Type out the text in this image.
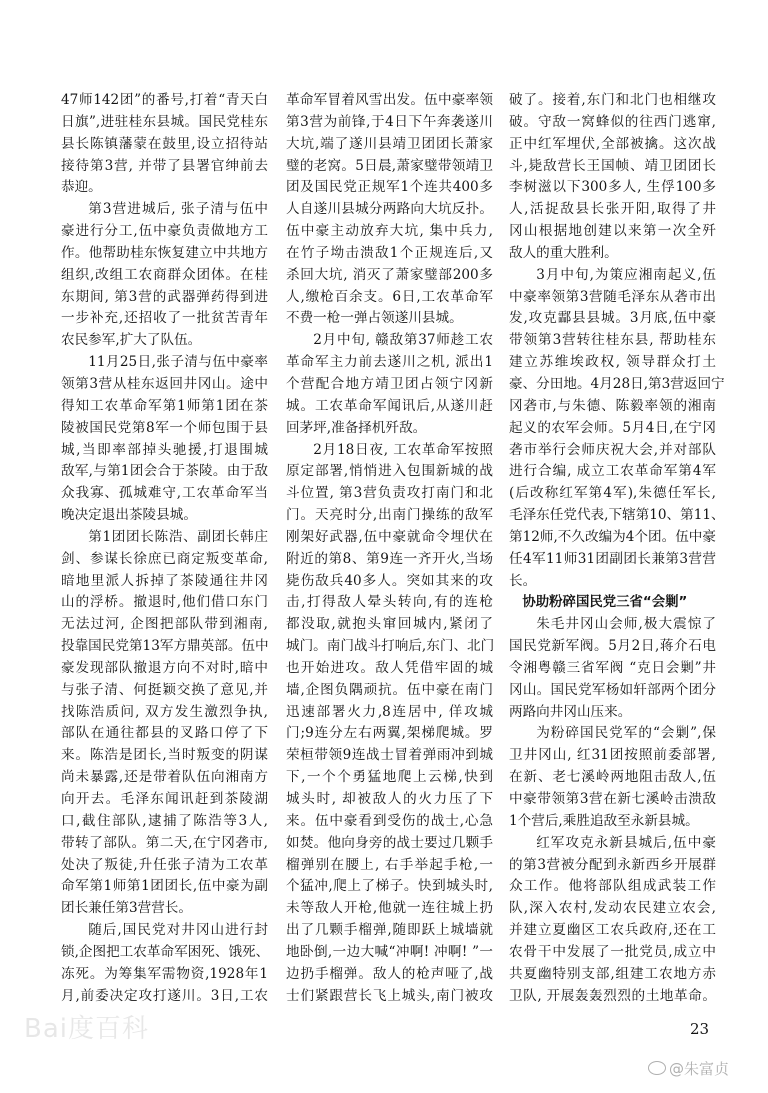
47师142团”的番号,打着“青天白
日旗”,进驻桂东县城。国民党桂东
县长陈镇藩蒙在鼓里,设立招待站
接待第3营, 并带了县署官绅前去
恭迎。
第3营进城后, 张子清与伍中
豪进行分工,伍中豪负责做地方工
作。他帮助桂东恢复建立中共地方
组织,改组工农商群众团体。在桂
东期间, 第3营的武器弹药得到进
一步补充,还招收了一批贫苦青年
农民参军,扩大了队伍。
11月25日,张子清与伍中豪率
领第3营从桂东返回井冈山。途中
得知工农革命军第1师第1团在茶
陵被国民党第8军一个师包围于县
城,当即率部掉头驰援,打退围城
敌军,与第1团会合于茶陵。由于敌
众我寡、孤城难守,工农革命军当
晚决定退出茶陵县城。
第1团团长陈浩、副团长韩庄
剑、参谋长徐庶已商定叛变革命,
暗地里派人拆掉了茶陵通往井冈
山的浮桥。撤退时,他们借口东门
无法过河, 企图把部队带到湘南,
投靠国民党第13军方鼎英部。伍中
豪发现部队撤退方向不对时,暗中
与张子清、何挺颖交换了意见,并
找陈浩质问, 双方发生激烈争执,
部队在通往都县的叉路口停了下
来。陈浩是团长,当时叛变的阴谋
尚未暴露,还是带着队伍向湘南方
向开去。毛泽东闻讯赶到茶陵湖
口,截住部队,逮捕了陈浩等3人,
带转了部队。第二天,在宁冈砻市,
处决了叛徒,升任张子清为工农革
命军第1师第1团团长,伍中豪为副
团长兼任第3营营长。
随后,国民党对井冈山进行封
锁,企图把工农革命军困死、饿死、
冻死。为筹集军需物资,1928年1
月,前委决定攻打遂川。3日,工农
革命军冒着风雪出发。伍中豪率领
第3营为前锋,于4日下午奔袭遂川
大坑,端了遂川县靖卫团团长萧家
璧的老窝。5日晨,萧家璧带领靖卫
团及国民党正规军1个连共400多
人自遂川县城分两路向大坑反扑。
伍中豪主动放弃大坑, 集中兵力,
在竹子坳击溃敌1个正规连后,又
杀回大坑, 消灭了萧家璧部200多
人,缴枪百余支。6日,工农革命军
不费一枪一弹占领遂川县城。
2月中旬, 赣敌第37师趁工农
革命军主力前去遂川之机, 派出1
个营配合地方靖卫团占领宁冈新
城。工农革命军闻讯后,从遂川赶
回茅坪,准备择机歼敌。
2月18日夜, 工农革命军按照
原定部署,悄悄进入包围新城的战
斗位置, 第3营负责攻打南门和北
门。天亮时分,出南门操练的敌军
刚架好武器,伍中豪就命令埋伏在
附近的第8、第9连一齐开火,当场
毙伤敌兵40多人。突如其来的攻
击,打得敌人晕头转向,有的连枪
都没取,就抱头窜回城内,紧闭了
城门。南门战斗打响后,东门、北门
也开始进攻。敌人凭借牢固的城
墙,企图负隅顽抗。伍中豪在南门
迅速部署火力,8连居中, 佯攻城
门;9连分左右两翼,架梯爬城。罗
荣桓带领9连战士冒着弹雨冲到城
下,一个个勇猛地爬上云梯,快到
城头时, 却被敌人的火力压了下
来。伍中豪看到受伤的战士,心急
如焚。他向身旁的战士要过几颗手
榴弹别在腰上, 右手举起手枪,一
个猛冲,爬上了梯子。快到城头时,
未等敌人开枪,他就一连往城上扔
出了几颗手榴弹,随即跃上城墙就
地卧倒,一边大喊“冲啊! 冲啊! ”一
边扔手榴弹。敌人的枪声哑了,战
士们紧跟营长飞上城头,南门被攻
破了。接着,东门和北门也相继攻
破。守敌一窝蜂似的往西门逃窜,
正中红军埋伏,全部被擒。这次战
斗,毙敌营长王国帧、靖卫团团长
李树滋以下300多人, 生俘100多
人,活捉敌县长张开阳,取得了井
冈山根据地创建以来第一次全歼
敌人的重大胜利。
3月中旬,为策应湘南起义,伍
中豪率领第3营随毛泽东从砻市出
发,攻克酃县县城。3月底,伍中豪
带领第3营转往桂东县, 帮助桂东
建立苏维埃政权, 领导群众打土
豪、分田地。4月28日,第3营返回宁
冈砻市,与朱德、陈毅率领的湘南
起义的农军会师。5月4日,在宁冈
砻市举行会师庆祝大会,并对部队
进行合编, 成立工农革命军第4军
(后改称红军第4军),朱德任军长,
毛泽东任党代表,下辖第10、第11、
第12师,不久改编为4个团。伍中豪
任4军11师31团副团长兼第3营营
长。
协助粉碎国民党三省“会剿”
朱毛井冈山会师,极大震惊了
国民党新军阀。5月2日,蒋介石电
令湘粤赣三省军阀 “克日会剿”井
冈山。国民党军杨如轩部两个团分
两路向井冈山压来。
为粉碎国民党军的“会剿”,保
卫井冈山, 红31团按照前委部署,
在新、老七溪岭两地阻击敌人,伍
中豪带领第3营在新七溪岭击溃敌
1个营后,乘胜追敌至永新县城。
红军攻克永新县城后,伍中豪
的第3营被分配到永新西乡开展群
众工作。他将部队组成武装工作
队,深入农村,发动农民建立农会,
并建立夏幽区工农兵政府,还在工
农骨干中发展了一批党员,成立中
共夏幽特别支部,组建工农地方赤
卫队, 开展轰轰烈烈的土地革命。
23
Bai度百科
@朱富贞
